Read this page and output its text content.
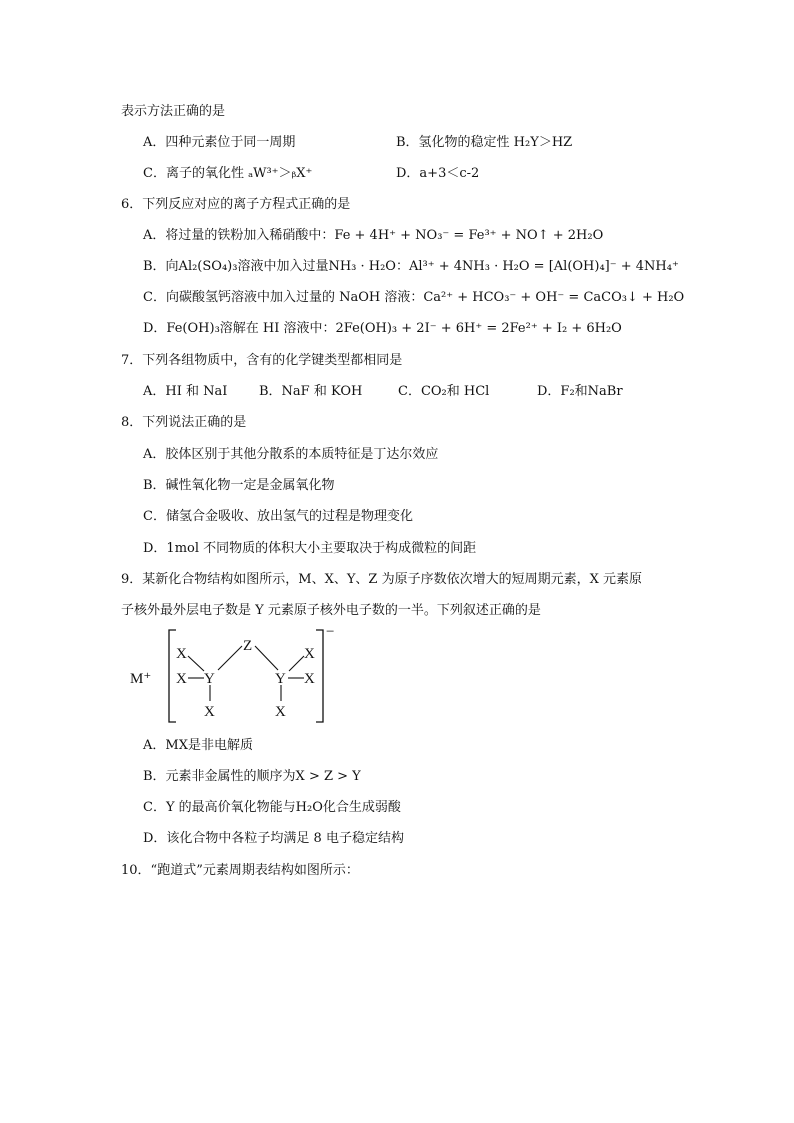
表示方法正确的是
A．四种元素位于同一周期	B．氢化物的稳定性 H₂Y＞HZ
C．离子的氧化性 ₐW³⁺＞ᵦX⁺	D．a+3＜c-2
6．下列反应对应的离子方程式正确的是
A．将过量的铁粉加入稀硝酸中：Fe + 4H⁺ + NO₃⁻ = Fe³⁺ + NO↑ + 2H₂O
B．向Al₂(SO₄)₃溶液中加入过量NH₃ · H₂O：Al³⁺ + 4NH₃ · H₂O = [Al(OH)₄]⁻ + 4NH₄⁺
C．向碳酸氢钙溶液中加入过量的 NaOH 溶液：Ca²⁺ + HCO₃⁻ + OH⁻ = CaCO₃↓ + H₂O
D．Fe(OH)₃溶解在 HI 溶液中：2Fe(OH)₃ + 2I⁻ + 6H⁺ = 2Fe²⁺ + I₂ + 6H₂O
7．下列各组物质中，含有的化学键类型都相同是
A．HI 和 NaI B．NaF 和 KOH	C．CO₂和 HCl	D．F₂和NaBr
8．下列说法正确的是
A．胶体区别于其他分散系的本质特征是丁达尔效应
B．碱性氧化物一定是金属氧化物
C．储氢合金吸收、放出氢气的过程是物理变化
D．1mol 不同物质的体积大小主要取决于构成微粒的间距
9．某新化合物结构如图所示，M、X、Y、Z 为原子序数依次增大的短周期元素，X 元素原
子核外最外层电子数是 Y 元素原子核外电子数的一半。下列叙述正确的是
M⁺
−
X
X Y
X
Z
Y
X
X
X
A．MX是非电解质
B．元素非金属性的顺序为X > Z > Y
C．Y 的最高价氧化物能与H₂O化合生成弱酸
D．该化合物中各粒子均满足 8 电子稳定结构
10．“跑道式”元素周期表结构如图所示：
